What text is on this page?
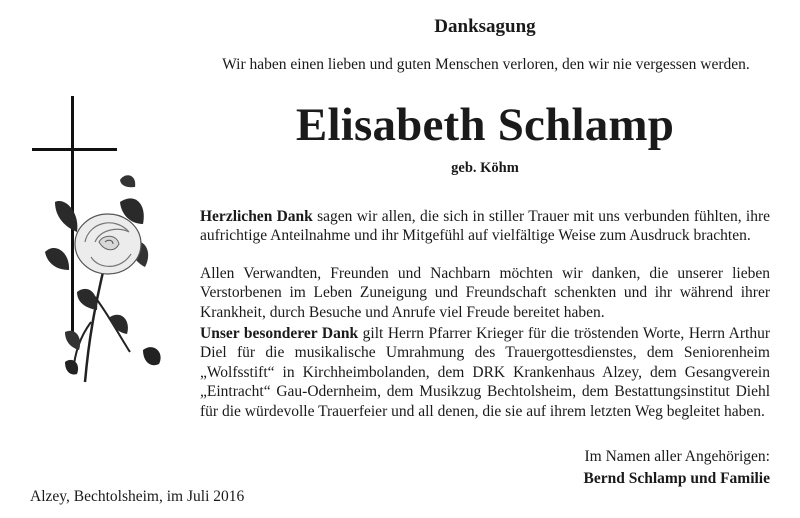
Danksagung
Wir haben einen lieben und guten Menschen verloren, den wir nie vergessen werden.
Elisabeth Schlamp
geb. Köhm
Herzlichen Dank sagen wir allen, die sich in stiller Trauer mit uns verbunden fühlten, ihre aufrichtige Anteilnahme und ihr Mitgefühl auf vielfältige Weise zum Ausdruck brachten.
Allen Verwandten, Freunden und Nachbarn möchten wir danken, die unserer lieben Verstorbenen im Leben Zuneigung und Freundschaft schenkten und ihr während ihrer Krankheit, durch Besuche und Anrufe viel Freude bereitet haben.
Unser besonderer Dank gilt Herrn Pfarrer Krieger für die tröstenden Worte, Herrn Arthur Diel für die musikalische Umrahmung des Trauergottesdienstes, dem Seniorenheim „Wolfsstift“ in Kirchheimbolanden, dem DRK Krankenhaus Alzey, dem Gesangverein „Eintracht“ Gau-Odernheim, dem Musikzug Bechtolsheim, dem Bestattungsinstitut Diehl für die würdevolle Trauerfeier und all denen, die sie auf ihrem letzten Weg begleitet haben.
Im Namen aller Angehörigen:
Bernd Schlamp und Familie
Alzey, Bechtolsheim, im Juli 2016
